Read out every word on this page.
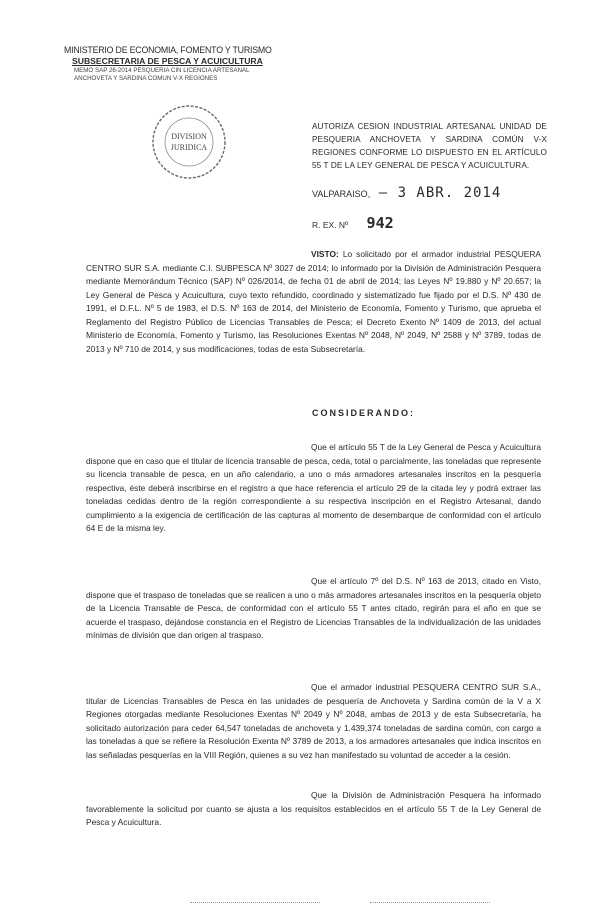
MINISTERIO DE ECONOMIA, FOMENTO Y TURISMO
SUBSECRETARIA DE PESCA Y ACUICULTURA
MEMO SAP 26-2014 PESQUERIA CIN LICENCIA ARTESANAL
ANCHOVETA Y SARDINA COMUN V-X REGIONES
DIVISION
JURIDICA
AUTORIZA CESION INDUSTRIAL ARTESANAL UNIDAD DE PESQUERIA ANCHOVETA Y SARDINA COMÚN V-X REGIONES CONFORME LO DISPUESTO EN EL ARTÍCULO 55 T DE LA LEY GENERAL DE PESCA Y ACUICULTURA.
VALPARAISO, – 3 ABR. 2014
R. EX. Nº 942
VISTO: Lo solicitado por el armador industrial PESQUERA CENTRO SUR S.A. mediante C.I. SUBPESCA Nº 3027 de 2014; lo informado por la División de Administración Pesquera mediante Memorándum Técnico (SAP) Nº 026/2014, de fecha 01 de abril de 2014; las Leyes Nº 19.880 y Nº 20.657; la Ley General de Pesca y Acuicultura, cuyo texto refundido, coordinado y sistematizado fue fijado por el D.S. Nº 430 de 1991, el D.F.L. Nº 5 de 1983, el D.S. Nº 163 de 2014, del Ministerio de Economía, Fomento y Turismo, que aprueba el Reglamento del Registro Público de Licencias Transables de Pesca; el Decreto Exento Nº 1409 de 2013, del actual Ministerio de Economía, Fomento y Turismo, las Resoluciones Exentas Nº 2048, Nº 2049, Nº 2588 y Nº 3789, todas de 2013 y Nº 710 de 2014, y sus modificaciones, todas de esta Subsecretaría.
CONSIDERANDO:
Que el artículo 55 T de la Ley General de Pesca y Acuicultura dispone que en caso que el titular de licencia transable de pesca, ceda, total o parcialmente, las toneladas que represente su licencia transable de pesca, en un año calendario, a uno o más armadores artesanales inscritos en la pesquería respectiva, éste deberá inscribirse en el registro a que hace referencia el artículo 29 de la citada ley y podrá extraer las toneladas cedidas dentro de la región correspondiente a su respectiva inscripción en el Registro Artesanal, dando cumplimiento a la exigencia de certificación de las capturas al momento de desembarque de conformidad con el artículo 64 E de la misma ley.
Que el artículo 7º del D.S. Nº 163 de 2013, citado en Visto, dispone que el traspaso de toneladas que se realicen a uno o más armadores artesanales inscritos en la pesquería objeto de la Licencia Transable de Pesca, de conformidad con el artículo 55 T antes citado, regirán para el año en que se acuerde el traspaso, dejándose constancia en el Registro de Licencias Transables de la individualización de las unidades mínimas de división que dan origen al traspaso.
Que el armador industrial PESQUERA CENTRO SUR S.A., titular de Licencias Transables de Pesca en las unidades de pesquería de Anchoveta y Sardina común de la V a X Regiones otorgadas mediante Resoluciones Exentas Nº 2049 y Nº 2048, ambas de 2013 y de esta Subsecretaría, ha solicitado autorización para ceder 64,547 toneladas de anchoveta y 1.439,374 toneladas de sardina común, con cargo a las toneladas a que se refiere la Resolución Exenta Nº 3789 de 2013, a los armadores artesanales que indica inscritos en las señaladas pesquerías en la VIII Región, quienes a su vez han manifestado su voluntad de acceder a la cesión.
Que la División de Administración Pesquera ha informado favorablemente la solicitud por cuanto se ajusta a los requisitos establecidos en el artículo 55 T de la Ley General de Pesca y Acuicultura.
